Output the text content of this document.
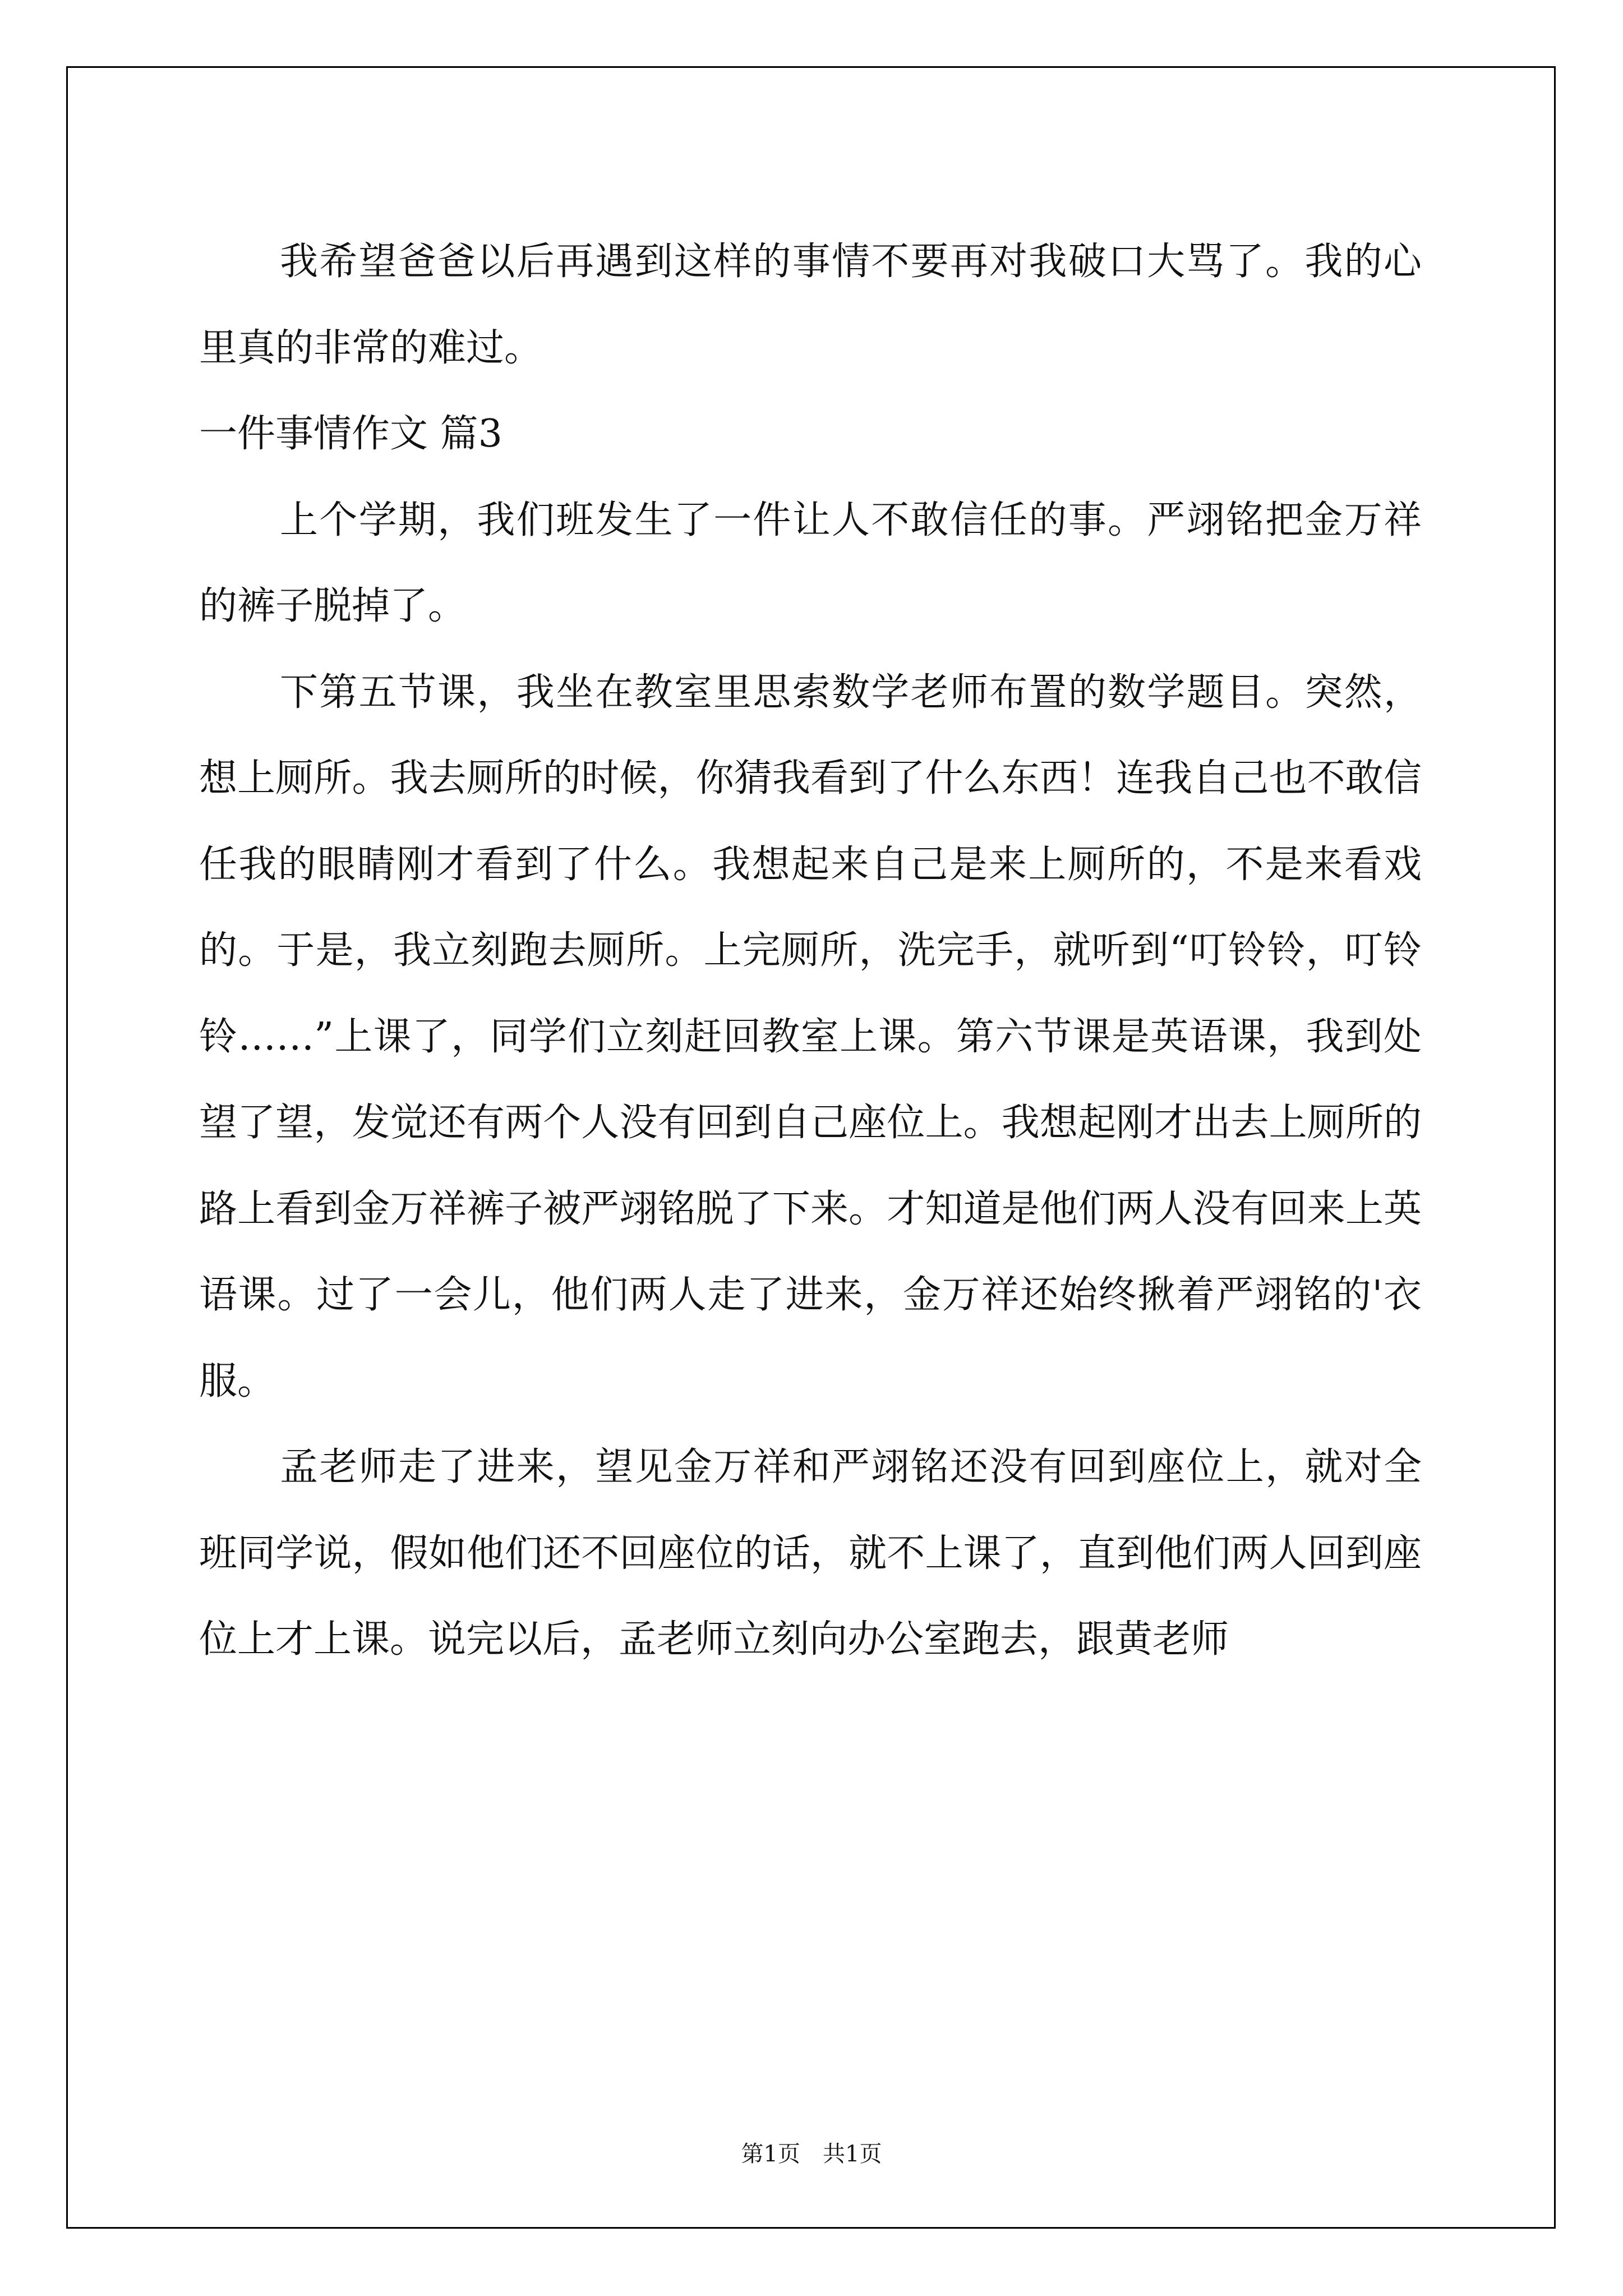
我希望爸爸以后再遇到这样的事情不要再对我破口大骂了。我的心里真的非常的难过。

一件事情作文 篇3

上个学期，我们班发生了一件让人不敢信任的事。严翊铭把金万祥的裤子脱掉了。

下第五节课，我坐在教室里思索数学老师布置的数学题目。突然，想上厕所。我去厕所的时候，你猜我看到了什么东西！连我自己也不敢信任我的眼睛刚才看到了什么。我想起来自己是来上厕所的，不是来看戏的。于是，我立刻跑去厕所。上完厕所，洗完手，就听到“叮铃铃，叮铃铃……”上课了，同学们立刻赶回教室上课。第六节课是英语课，我到处望了望，发觉还有两个人没有回到自己座位上。我想起刚才出去上厕所的路上看到金万祥裤子被严翊铭脱了下来。才知道是他们两人没有回来上英语课。过了一会儿，他们两人走了进来，金万祥还始终揪着严翊铭的'衣服。

孟老师走了进来，望见金万祥和严翊铭还没有回到座位上，就对全班同学说，假如他们还不回座位的话，就不上课了，直到他们两人回到座位上才上课。说完以后，孟老师立刻向办公室跑去，跟黄老师

第1页　共1页
